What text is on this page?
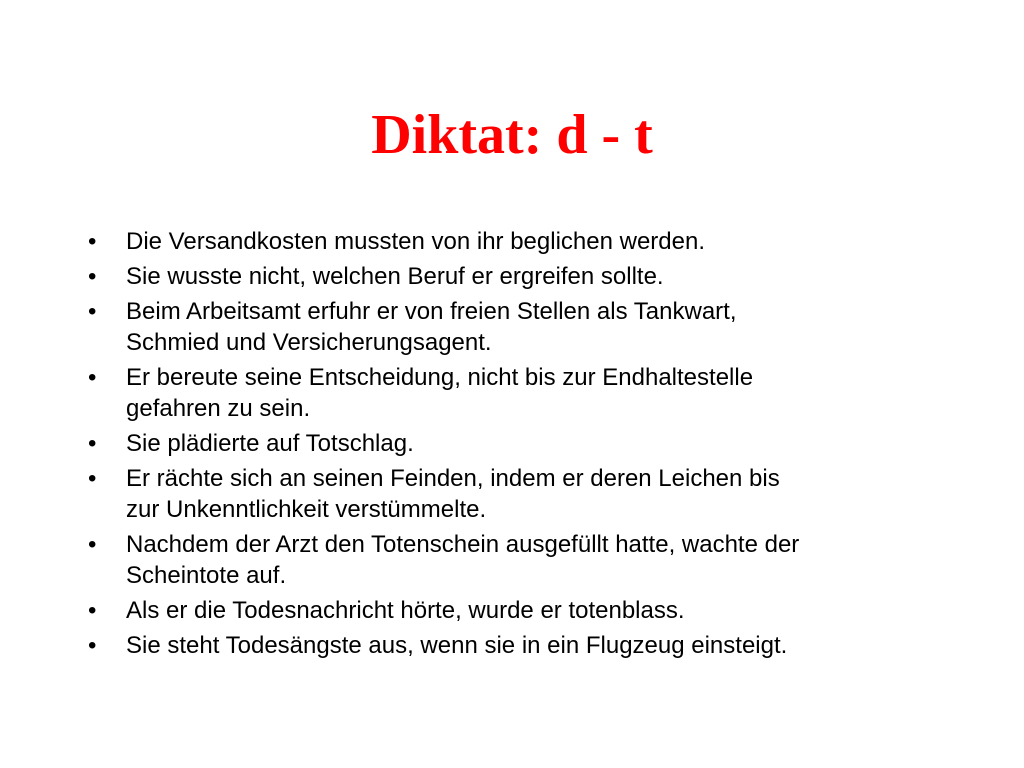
Diktat: d - t
•	Die Versandkosten mussten von ihr beglichen werden.
•	Sie wusste nicht, welchen Beruf er ergreifen sollte.
•	Beim Arbeitsamt erfuhr er von freien Stellen als Tankwart,
Schmied und Versicherungsagent.
•	Er bereute seine Entscheidung, nicht bis zur Endhaltestelle
gefahren zu sein.
•	Sie plädierte auf Totschlag.
•	Er rächte sich an seinen Feinden, indem er deren Leichen bis
zur Unkenntlichkeit verstümmelte.
•	Nachdem der Arzt den Totenschein ausgefüllt hatte, wachte der
Scheintote auf.
•	Als er die Todesnachricht hörte, wurde er totenblass.
•	Sie steht Todesängste aus, wenn sie in ein Flugzeug einsteigt.
